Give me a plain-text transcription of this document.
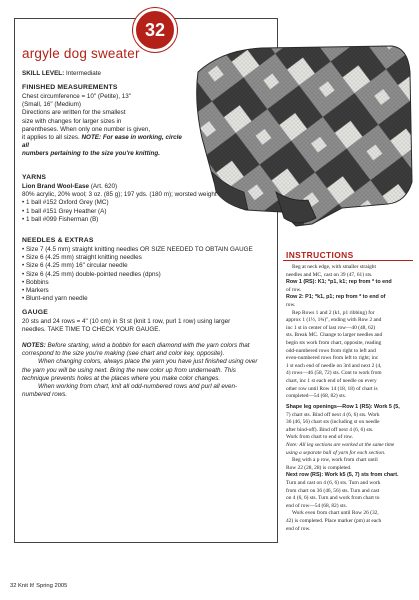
32
argyle dog sweater
SKILL LEVEL: Intermediate
FINISHED MEASUREMENTS
Chest circumference = 10" (Petite), 13"
(Small, 16" (Medium)
Directions are written for the smallest
size with changes for larger sizes in
parentheses. When only one number is given,
it applies to all sizes. NOTE: For ease in working, circle all
numbers pertaining to the size you're knitting.
YARNS
Lion Brand Wool-Ease (Art. 620)
80% acrylic, 20% wool; 3 oz. (85 g); 197 yds. (180 m); worsted weight
• 1 ball #152 Oxford Grey (MC)
• 1 ball #151 Grey Heather (A)
• 1 ball #099 Fisherman (B)
NEEDLES & EXTRAS
• Size 7 (4.5 mm) straight knitting needles OR SIZE NEEDED TO OBTAIN GAUGE
• Size 6 (4.25 mm) straight knitting needles
• Size 6 (4.25 mm) 16" circular needle
• Size 6 (4.25 mm) double-pointed needles (dpns)
• Bobbins
• Markers
• Blunt-end yarn needle
GAUGE
20 sts and 24 rows = 4" (10 cm) in St st (knit 1 row, purl 1 row) using larger
needles. TAKE TIME TO CHECK YOUR GAUGE.
NOTES: Before starting, wind a bobbin for each diamond with the yarn colors that
correspond to the size you're making (see chart and color key, opposite).
When changing colors, always place the yarn you have just finished using over
the yarn you will be using next. Bring the new color up from underneath. This
technique prevents holes at the places where you make color changes.
When working from chart, knit all odd-numbered rows and purl all even-
numbered rows.
INSTRUCTIONS
Beg at neck edge, with smaller straight
needles and MC, cast on 39 (47, 61) sts.
Row 1 (RS): K1; *p1, k1; rep from * to end
of row.
Row 2: P1; *k1, p1; rep from * to end of
row.
Rep Rows 1 and 2 (k1, p1 ribbing) for
approx 1 (1½, 1¾)", ending with Row 2 and
inc 1 st in center of last row—40 (48, 62)
sts. Break MC. Change to larger needles and
begin sts work from chart, opposite, reading
odd-numbered rows from right to left and
even-numbered rows from left to right; inc
1 st each end of needle on 3rd and next 2 (4,
4) rows—46 (58, 72) sts. Cont to work from
chart, inc 1 st each end of needle on every
other row until Row 14 (18, 18) of chart is
completed—54 (68, 82) sts.
Shape leg openings—Row 1 (RS): Work 5 (5,
7) chart sts. Bind off next 4 (6, 6) sts. Work
36 (46, 56) chart sts (including st on needle
after bind-off). Bind off next 4 (6, 6) sts.
Work from chart to end of row.
Note: All leg sections are worked at the same time
using a separate ball of yarn for each section.
Beg with a p row, work from chart until
Row 22 (28, 28) is completed.
Next row (RS): Work k5 (5, 7) sts from chart.
Turn and cast on 4 (6, 6) sts. Turn and work
from chart on 36 (46, 56) sts. Turn and cast
on 4 (6, 6) sts. Turn and work from chart to
end of row—54 (68, 82) sts.
Work even from chart until Row 26 (32,
42) is completed. Place marker (pm) at each
end of row.
32 Knit It! Spring 2005
